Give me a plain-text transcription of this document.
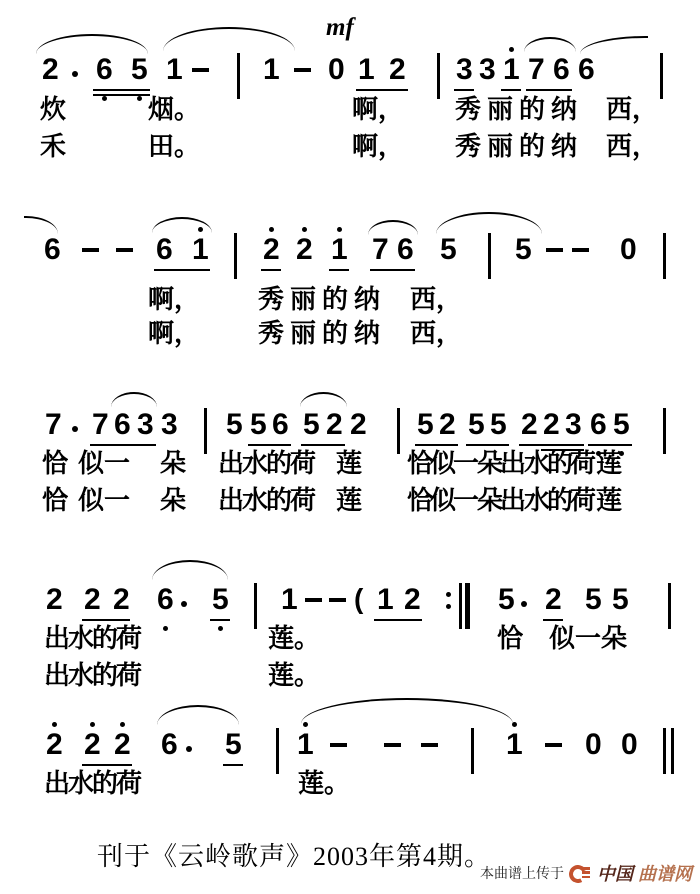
mf
2 6 5 1	1 0 1 2 3 3 1 7 6 6
炊	烟。	啊， 秀 丽 的 纳 西，
禾	田。	啊， 秀 丽 的 纳 西，
6	6 1 2 2 1 7 6 5 5	0
啊， 秀 丽 的 纳 西，
啊， 秀 丽 的 纳 西，
7 7 6 3 3 5 5 6 5 2 2 5 2 5 5 2 2 3 6 5
恰 似 一 朵 出
水
的
荷 莲 恰
似
一
朵
出
水
的
荷 莲
恰 似 一 朵 出
水
的
荷 莲 恰
似
一
朵
出
水
的
荷 莲
2 2 2 6 5 1 ( 1 2	5 2 5 5
出
水
的
荷	莲。	恰 似 一 朵
出
水
的
荷	莲。
2 2 2 6 5 1	1 0 0
出
水
的
荷	莲。
刊于《云岭歌声》2003年第4期。
本曲谱上传于 中国 曲谱网
